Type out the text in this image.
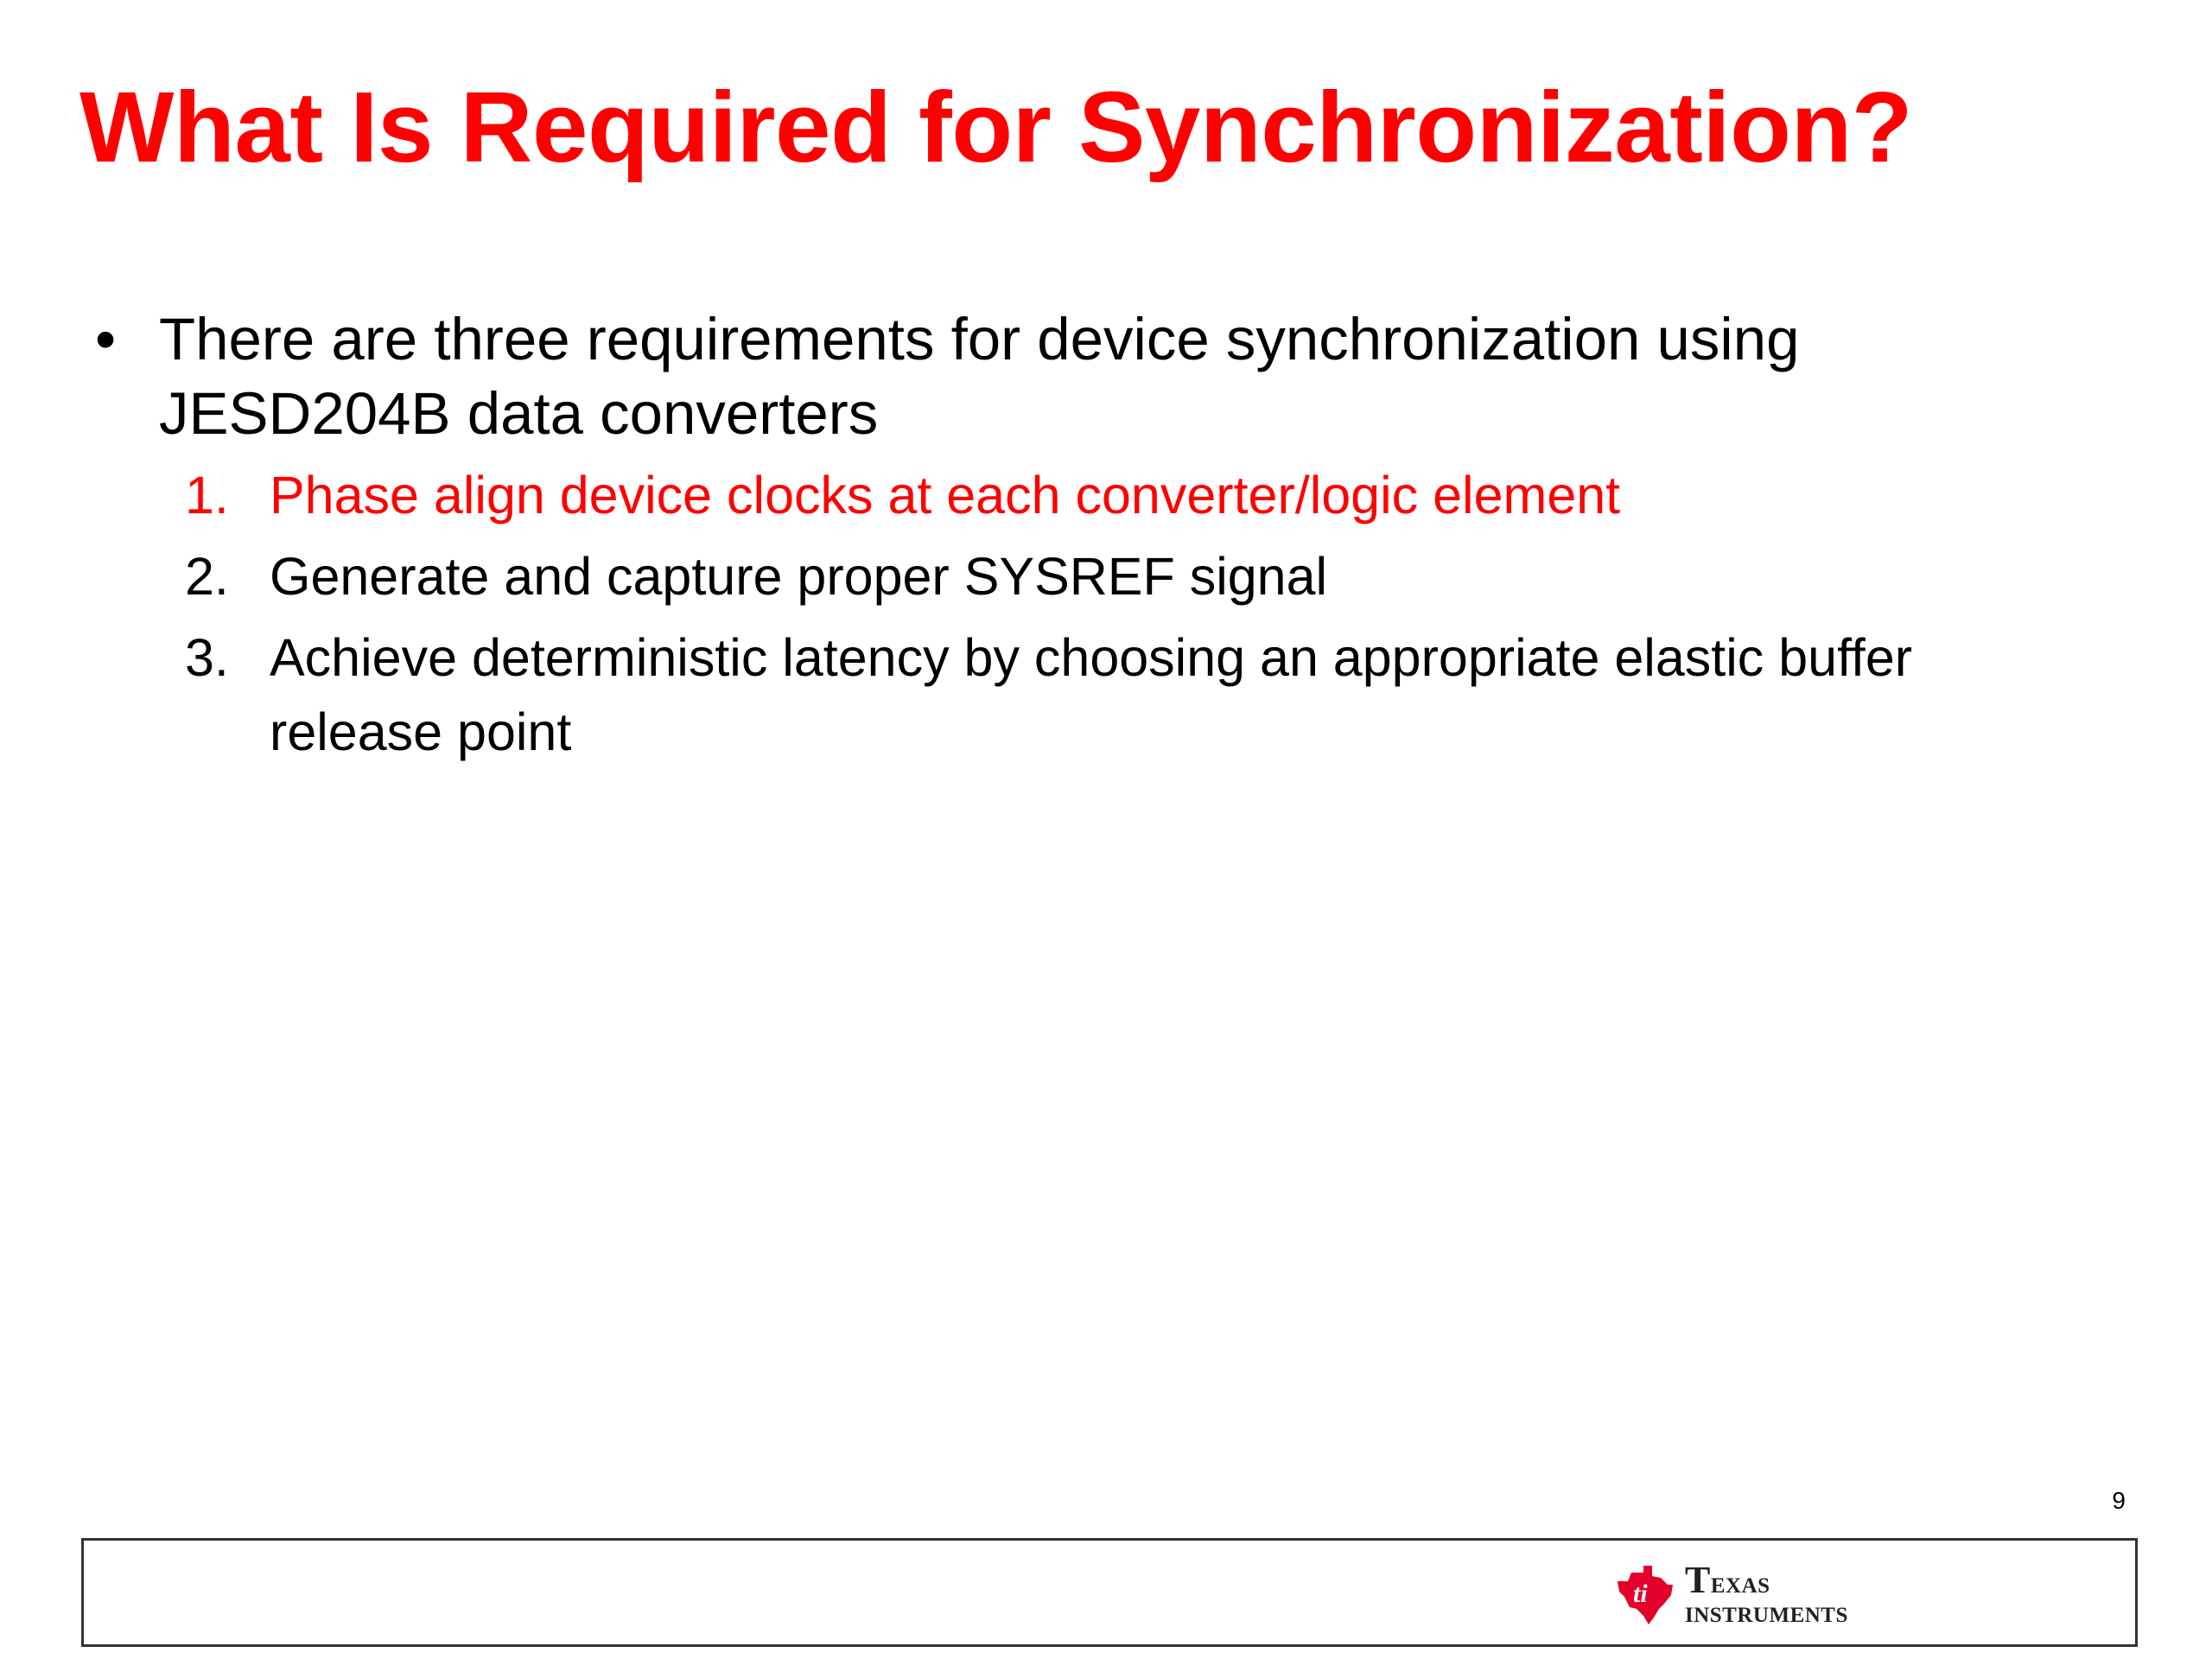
What Is Required for Synchronization?
• There are three requirements for device synchronization using
JESD204B data converters
1. Phase align device clocks at each converter/logic element
2. Generate and capture proper SYSREF signal
3. Achieve deterministic latency by choosing an appropriate elastic buffer
release point
9
ti Texas
instruments
